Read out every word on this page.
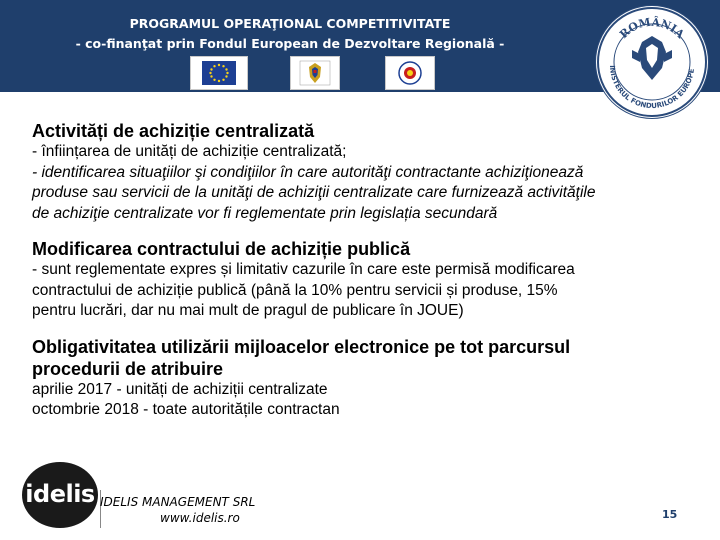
PROGRAMUL OPERAŢIONAL COMPETITIVITATE
- co-finanţat prin Fondul European de Dezvoltare Regională -
ROMÂNIA
INISTERUL FONDURILOR EUROPE

Activități de achiziție centralizată

- înființarea de unități de achiziție centralizată;

- identificarea situaţiilor şi condiţiilor în care autorităţi contractante achiziţionează

produse sau servicii de la unităţi de achiziţii centralizate care furnizează activităţile

de achiziţie centralizate vor fi reglementate prin legislația secundară

Modificarea contractului de achiziție publică

- sunt reglementate expres și limitativ cazurile în care este permisă modificarea

contractului de achiziție publică (până la 10% pentru servicii și produse, 15%

pentru lucrări, dar nu mai mult de pragul de publicare în JOUE)

Obligativitatea utilizării mijloacelor electronice pe tot parcursul

procedurii de atribuire

aprilie 2017 - unități de achiziții centralizate

octombrie 2018 - toate autoritățile contractan

idelis IDELIS MANAGEMENT SRL
www.idelis.ro	15
